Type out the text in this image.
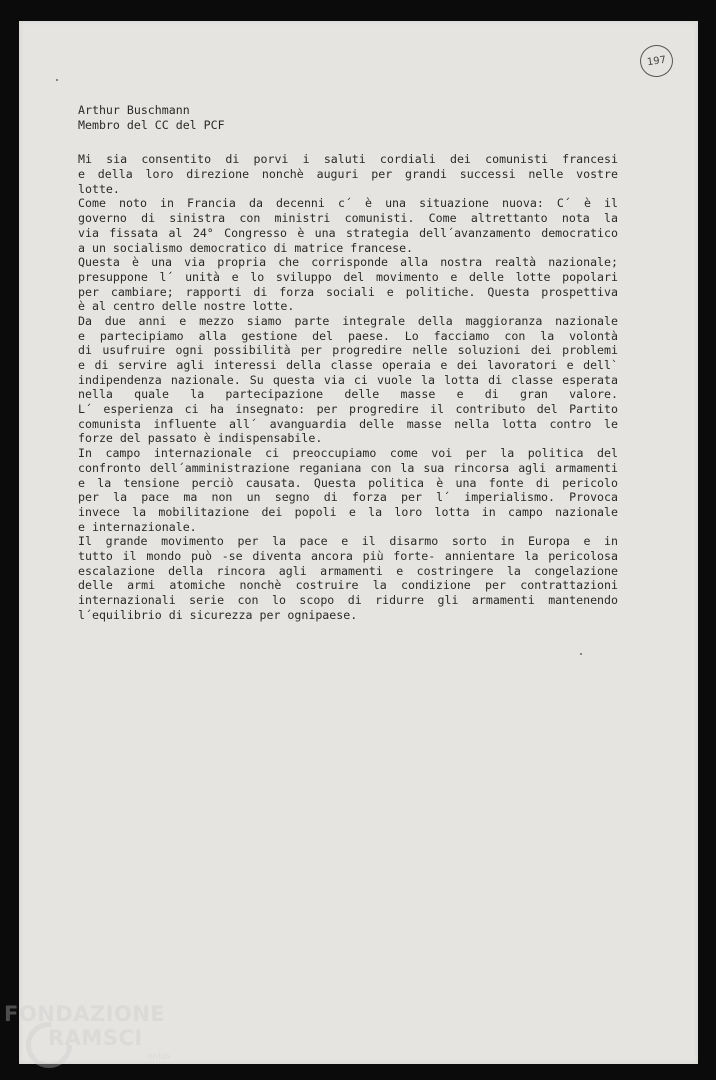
197
Arthur Buschmann
Membro del CC del PCF
Mi sia consentito di porvi i saluti cordiali dei comunisti francesi
e della loro direzione nonchè auguri per grandi successi nelle vostre
lotte.
Come noto in Francia da decenni c´ è una situazione nuova: C´ è il
governo di sinistra con ministri comunisti. Come altrettanto nota la
via fissata al 24° Congresso è una strategia dell´avanzamento democratico
a un socialismo democratico di matrice francese.
Questa è una via propria che corrisponde alla nostra realtà nazionale;
presuppone l´ unità e lo sviluppo del movimento e delle lotte popolari
per cambiare; rapporti di forza sociali e politiche. Questa prospettiva
è al centro delle nostre lotte.
Da due anni e mezzo siamo parte integrale della maggioranza nazionale
e partecipiamo alla gestione del paese. Lo facciamo con la volontà
di usufruire ogni possibilità per progredire nelle soluzioni dei problemi
e di servire agli interessi della classe operaia e dei lavoratori e dell`
indipendenza nazionale. Su questa via ci vuole la lotta di classe esperata
nella quale la partecipazione delle masse e di gran valore.
L´ esperienza ci ha insegnato: per progredire il contributo del Partito
comunista influente all´ avanguardia delle masse nella lotta contro le
forze del passato è indispensabile.
In campo internazionale ci preoccupiamo come voi per la politica del
confronto dell´amministrazione reganiana con la sua rincorsa agli armamenti
e la tensione perciò causata. Questa politica è una fonte di pericolo
per la pace ma non un segno di forza per l´ imperialismo. Provoca
invece la mobilitazione dei popoli e la loro lotta in campo nazionale
e internazionale.
Il grande movimento per la pace e il disarmo sorto in Europa e in
tutto il mondo può -se diventa ancora più forte- annientare la pericolosa
escalazione della rincora agli armamenti e costringere la congelazione
delle armi atomiche nonchè costruire la condizione per contrattazioni
internazionali serie con lo scopo di ridurre gli armamenti mantenendo
l´equilibrio di sicurezza per ognipaese.
FONDAZIONE
RAMSCI
onlus
